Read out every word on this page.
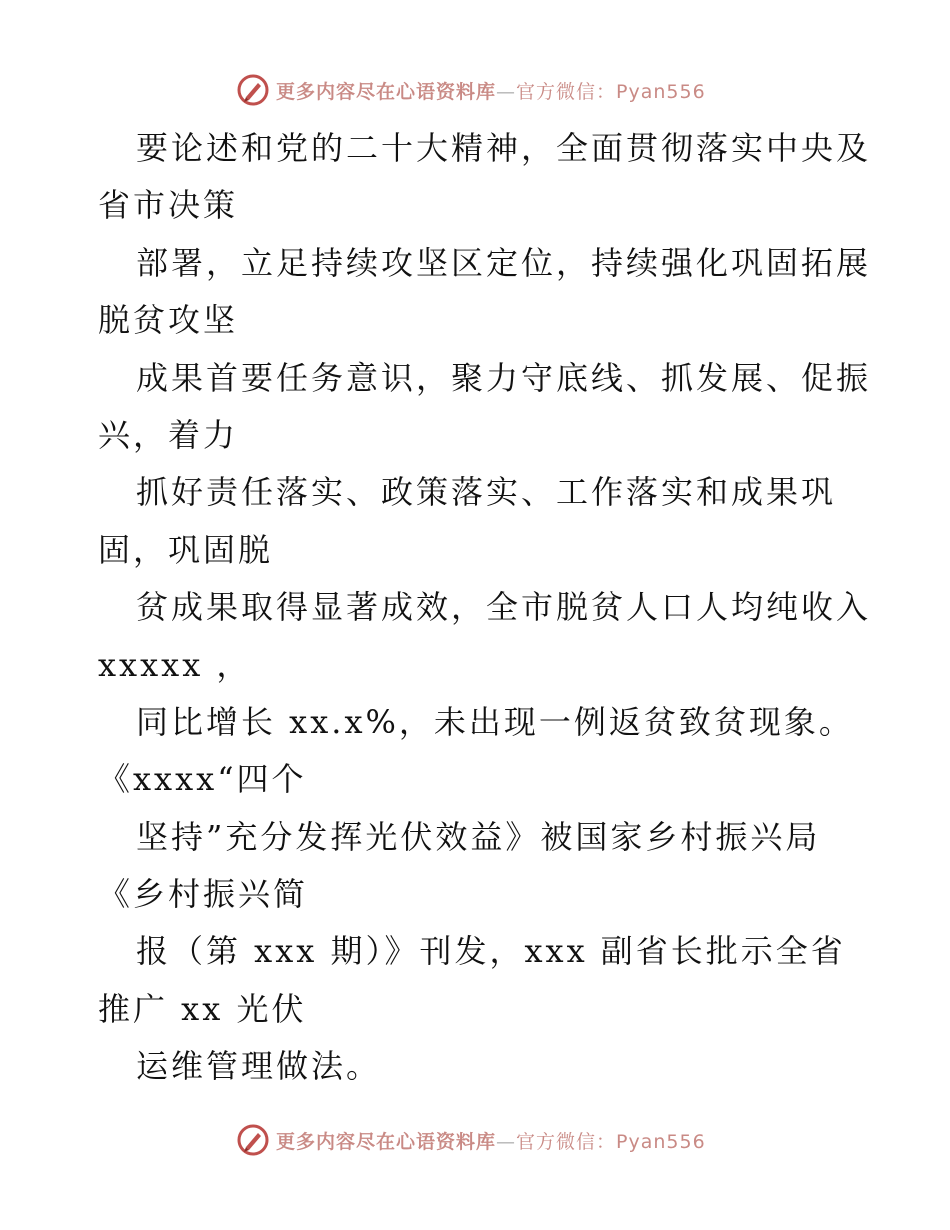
更多内容尽在心语资料库—官方微信：Pyan556
要论述和党的二十大精神，全面贯彻落实中央及
省市决策
部署，立足持续攻坚区定位，持续强化巩固拓展
脱贫攻坚
成果首要任务意识，聚力守底线、抓发展、促振
兴，着力
抓好责任落实、政策落实、工作落实和成果巩
固，巩固脱
贫成果取得显著成效，全市脱贫人口人均纯收入
xxxxx ，
同比增长 xx.x%，未出现一例返贫致贫现象。
《xxxx“四个
坚持”充分发挥光伏效益》被国家乡村振兴局
《乡村振兴简
报（第 xxx 期）》刊发，xxx 副省长批示全省
推广 xx 光伏
运维管理做法。
更多内容尽在心语资料库—官方微信：Pyan556
